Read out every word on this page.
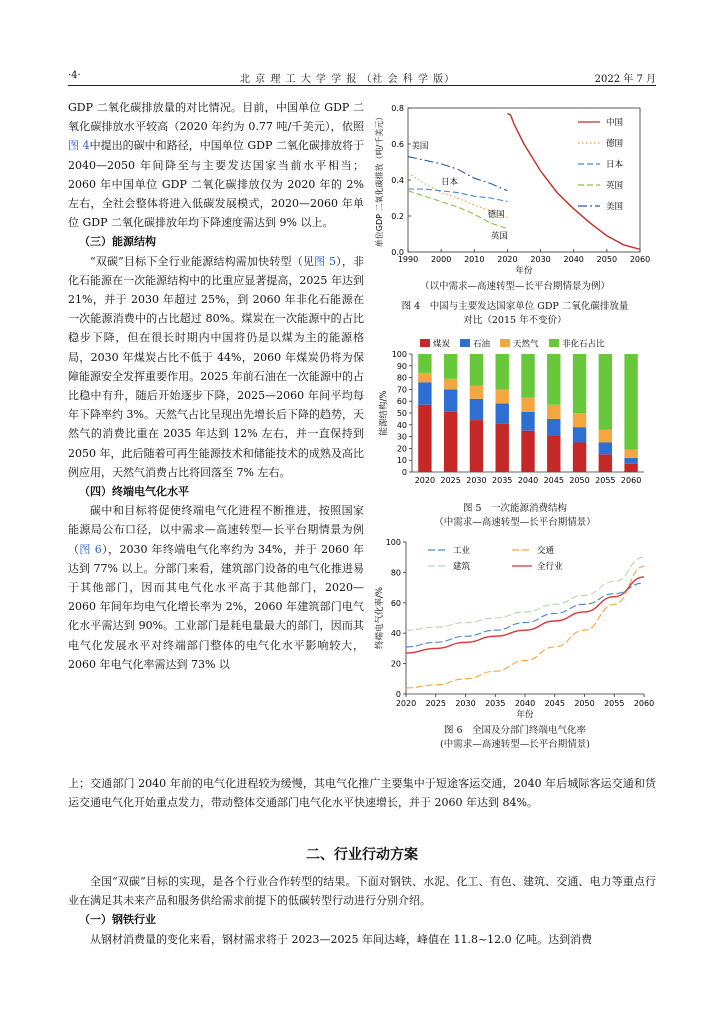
·4·	北 京 理 工 大 学 学 报 （社 会 科 学 版）	2022 年 7 月

GDP 二氧化碳排放量的对比情况。目前，中国单位 GDP 二氧化碳排放水平较高（2020 年约为 0.77 吨/千美元），依照图 4中提出的碳中和路径，中国单位 GDP 二氧化碳排放将于 2040—2050 年间降至与主要发达国家当前水平相当；2060 年中国单位 GDP 二氧化碳排放仅为 2020 年的 2% 左右，全社会整体将进入低碳发展模式，2020—2060 年单位 GDP 二氧化碳排放年均下降速度需达到 9% 以上。

（三）能源结构

“双碳”目标下全行业能源结构需加快转型（见图 5），非化石能源在一次能源结构中的比重应显著提高，2025 年达到 21%，并于 2030 年超过 25%，到 2060 年非化石能源在一次能源消费中的占比超过 80%。煤炭在一次能源中的占比稳步下降，但在很长时期内中国将仍是以煤为主的能源格局，2030 年煤炭占比不低于 44%，2060 年煤炭仍将为保障能源安全发挥重要作用。2025 年前石油在一次能源中的占比稳中有升，随后开始逐步下降，2025—2060 年间平均每年下降率约 3%。天然气占比呈现出先增长后下降的趋势，天然气的消费比重在 2035 年达到 12% 左右，并一直保持到 2050 年，此后随着可再生能源技术和储能技术的成熟及高比例应用，天然气消费占比将回落至 7% 左右。

（四）终端电气化水平

碳中和目标将促使终端电气化进程不断推进，按照国家能源局公布口径，以中需求—高速转型—长平台期情景为例（图 6），2030 年终端电气化率约为 34%，并于 2060 年达到 77% 以上。分部门来看，建筑部门设备的电气化推进易于其他部门，因而其电气化水平高于其他部门，2020—2060 年间年均电气化增长率为 2%，2060 年建筑部门电气化水平需达到 90%。工业部门是耗电量最大的部门，因而其电气化发展水平对终端部门整体的电气化水平影响较大，2060 年电气化率需达到 73% 以

0.0
0.2
0.4
0.6
0.8
1990 2000 2010 2020 2030 2040 2050 2060
年份
单位GDP 二氧化碳排放（吨/千美元）	中国
德国
日本
英国
美国
美国
日本
德国
英国
（以中需求—高速转型—长平台期情景为例）
图 4　中国与主要发达国家单位 GDP 二氧化碳排放量
对比（2015 年不变价）
0
10
20
30
40
50
60
70
80
90
100
能源结构/%
2020 2025 2030 2035 2040 2045 2050 2055 2060
煤炭	石油	天然气	非化石占比
图 5　一次能源消费结构
（中需求—高速转型—长平台期情景）
0
20
40
60
80
100
2020 2025 2030 2035 2040 2045 2050 2055 2060
年份
终端电气化率/%
工业	交通
建筑	全行业
图 6　全国及分部门终端电气化率
(中需求—高速转型—长平台期情景)

上；交通部门 2040 年前的电气化进程较为缓慢，其电气化推广主要集中于短途客运交通，2040 年后城际客运交通和货运交通电气化开始重点发力，带动整体交通部门电气化水平快速增长，并于 2060 年达到 84%。

二、行业行动方案

全国“双碳”目标的实现，是各个行业合作转型的结果。下面对钢铁、水泥、化工、有色、建筑、交通、电力等重点行业在满足其未来产品和服务供给需求前提下的低碳转型行动进行分别介绍。

（一）钢铁行业

从钢材消费量的变化来看，钢材需求将于 2023—2025 年间达峰，峰值在 11.8~12.0 亿吨。达到消费
